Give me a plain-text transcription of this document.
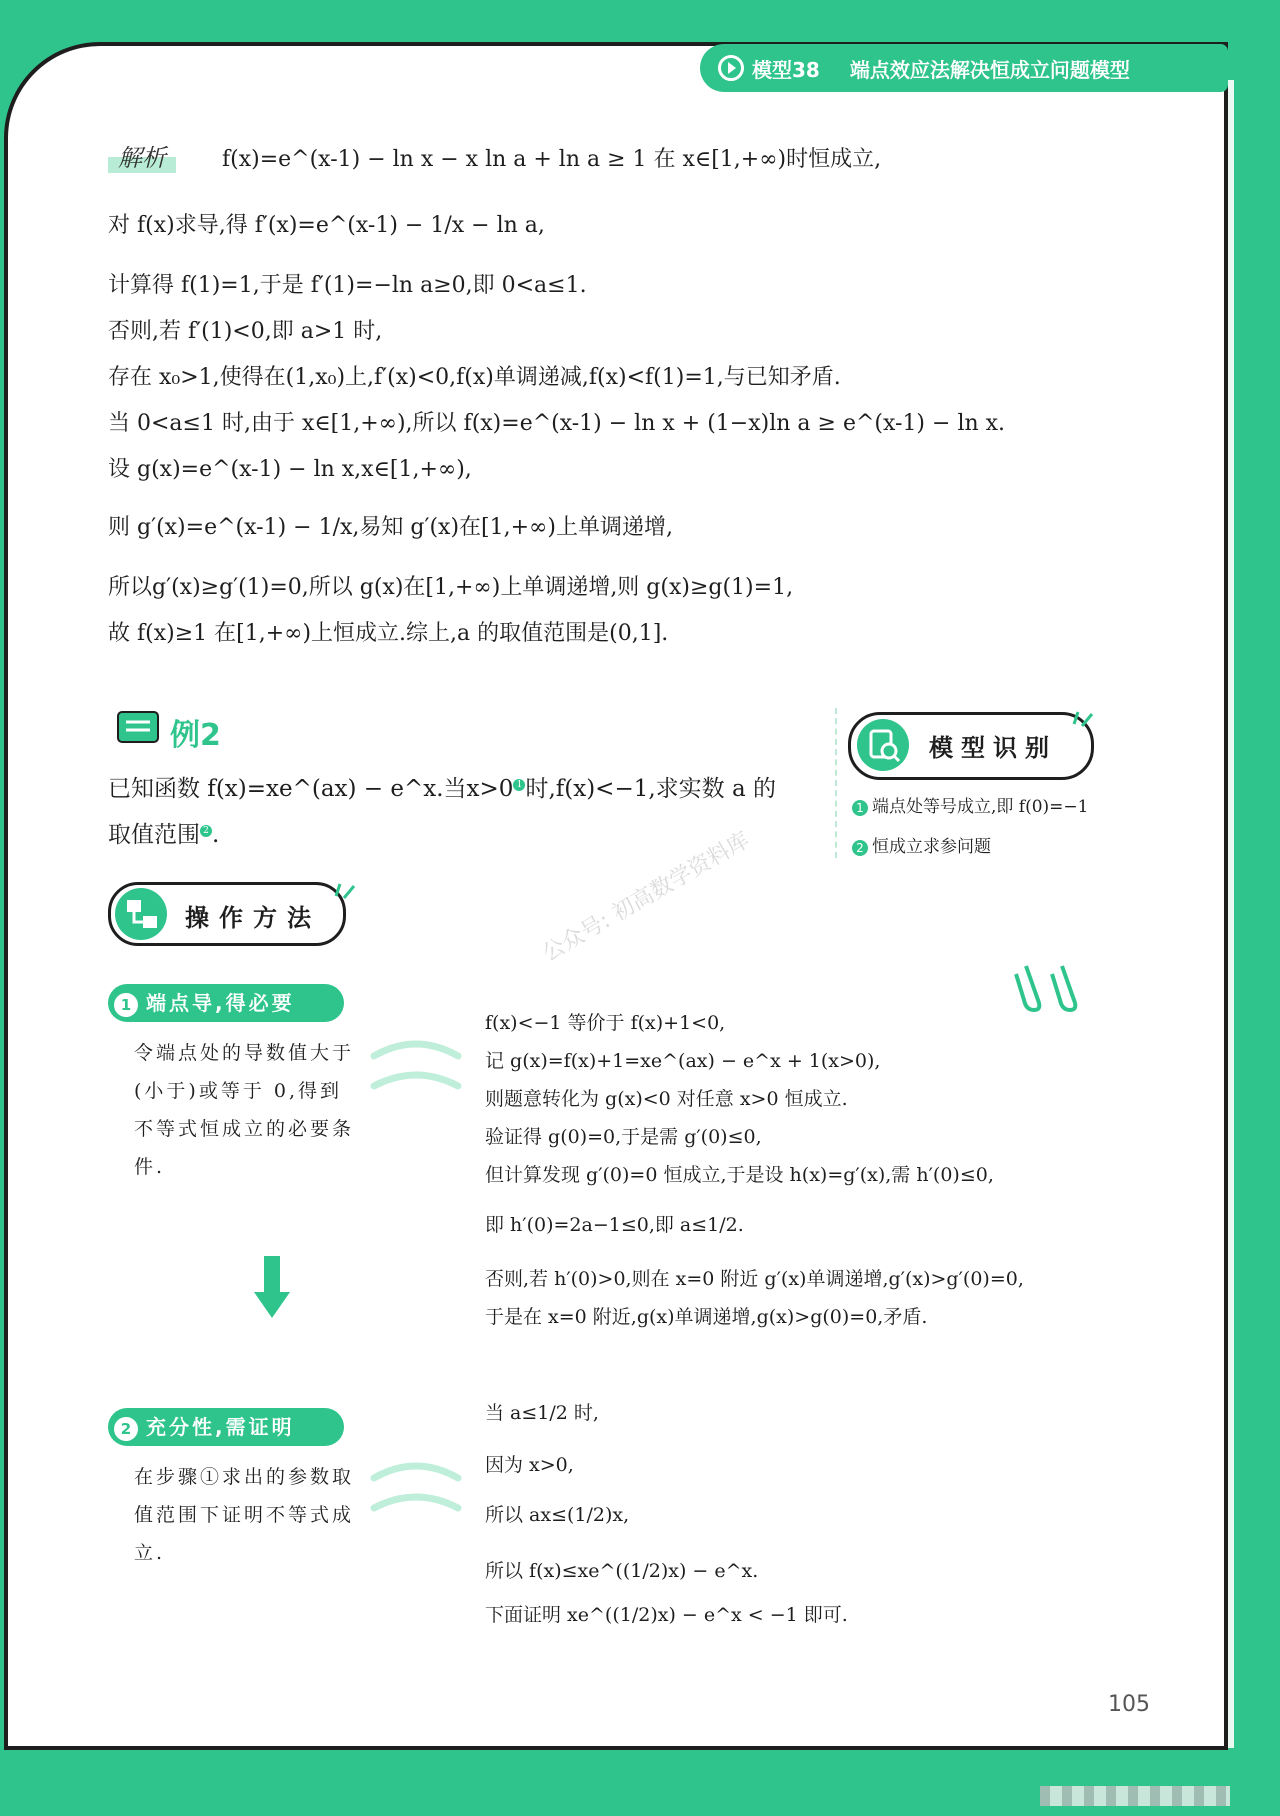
模型38 端点效应法解决恒成立问题模型
解析	f(x)=e^(x-1) − ln x − x ln a + ln a ≥ 1 在 x∈[1,+∞)时恒成立,
对 f(x)求导,得 f′(x)=e^(x-1) − 1/x − ln a,
计算得 f(1)=1,于是 f′(1)=−ln a≥0,即 0<a≤1.
否则,若 f′(1)<0,即 a>1 时,
存在 x₀>1,使得在(1,x₀)上,f′(x)<0,f(x)单调递减,f(x)<f(1)=1,与已知矛盾.
当 0<a≤1 时,由于 x∈[1,+∞),所以 f(x)=e^(x-1) − ln x + (1−x)ln a ≥ e^(x-1) − ln x.
设 g(x)=e^(x-1) − ln x,x∈[1,+∞),
则 g′(x)=e^(x-1) − 1/x,易知 g′(x)在[1,+∞)上单调递增,
所以g′(x)≥g′(1)=0,所以 g(x)在[1,+∞)上单调递增,则 g(x)≥g(1)=1,
故 f(x)≥1 在[1,+∞)上恒成立.综上,a 的取值范围是(0,1].
例2
已知函数 f(x)=xe^(ax) − e^x.当x>0 1 时,f(x)<−1,求实数 a 的
取值范围 2 .
模型识别
1 端点处等号成立,即 f(0)=−1
2 恒成立求参问题
操作方法	公众号: 初高数学资料库
1 端点导,得必要
令端点处的导数值大于(小于)或等于 0,得到不等式恒成立的必要条件.
f(x)<−1 等价于 f(x)+1<0,
记 g(x)=f(x)+1=xe^(ax) − e^x + 1(x>0),
则题意转化为 g(x)<0 对任意 x>0 恒成立.
验证得 g(0)=0,于是需 g′(0)≤0,
但计算发现 g′(0)=0 恒成立,于是设 h(x)=g′(x),需 h′(0)≤0,
即 h′(0)=2a−1≤0,即 a≤1/2.
否则,若 h′(0)>0,则在 x=0 附近 g′(x)单调递增,g′(x)>g′(0)=0,
于是在 x=0 附近,g(x)单调递增,g(x)>g(0)=0,矛盾.
2 充分性,需证明
在步骤①求出的参数取值范围下证明不等式成立.
当 a≤1/2 时,
因为 x>0,
所以 ax≤(1/2)x,
所以 f(x)≤xe^((1/2)x) − e^x.
下面证明 xe^((1/2)x) − e^x < −1 即可.
105
